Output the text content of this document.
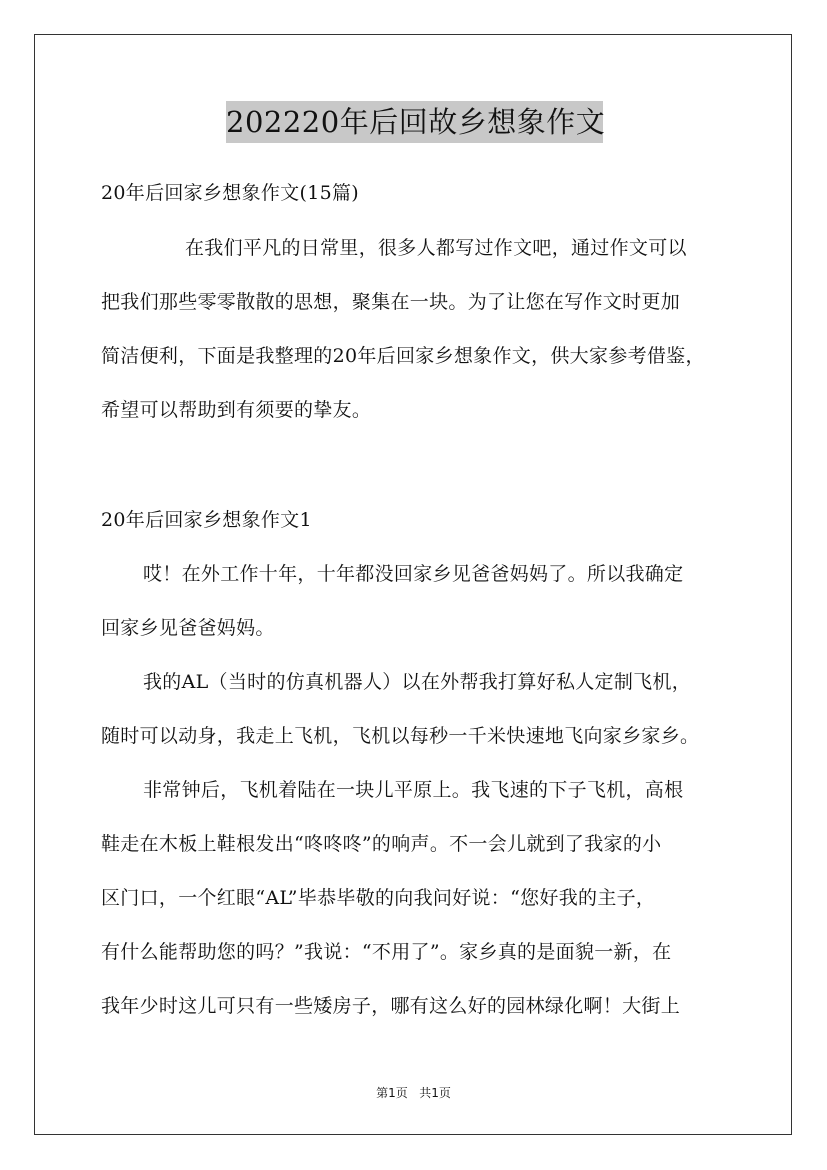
202220年后回故乡想象作文
20年后回家乡想象作文(15篇)
在我们平凡的日常里，很多人都写过作文吧，通过作文可以
把我们那些零零散散的思想，聚集在一块。为了让您在写作文时更加
简洁便利，下面是我整理的20年后回家乡想象作文，供大家参考借鉴，
希望可以帮助到有须要的挚友。
20年后回家乡想象作文1
哎！在外工作十年，十年都没回家乡见爸爸妈妈了。所以我确定
回家乡见爸爸妈妈。
我的AL（当时的仿真机器人）以在外帮我打算好私人定制飞机，
随时可以动身，我走上飞机，飞机以每秒一千米快速地飞向家乡家乡。
非常钟后，飞机着陆在一块儿平原上。我飞速的下子飞机，高根
鞋走在木板上鞋根发出“咚咚咚”的响声。不一会儿就到了我家的小
区门口，一个红眼“AL”毕恭毕敬的向我问好说：“您好我的主子，
有什么能帮助您的吗？”我说：“不用了”。家乡真的是面貌一新，在
我年少时这儿可只有一些矮房子，哪有这么好的园林绿化啊！大街上
第1页 共1页
